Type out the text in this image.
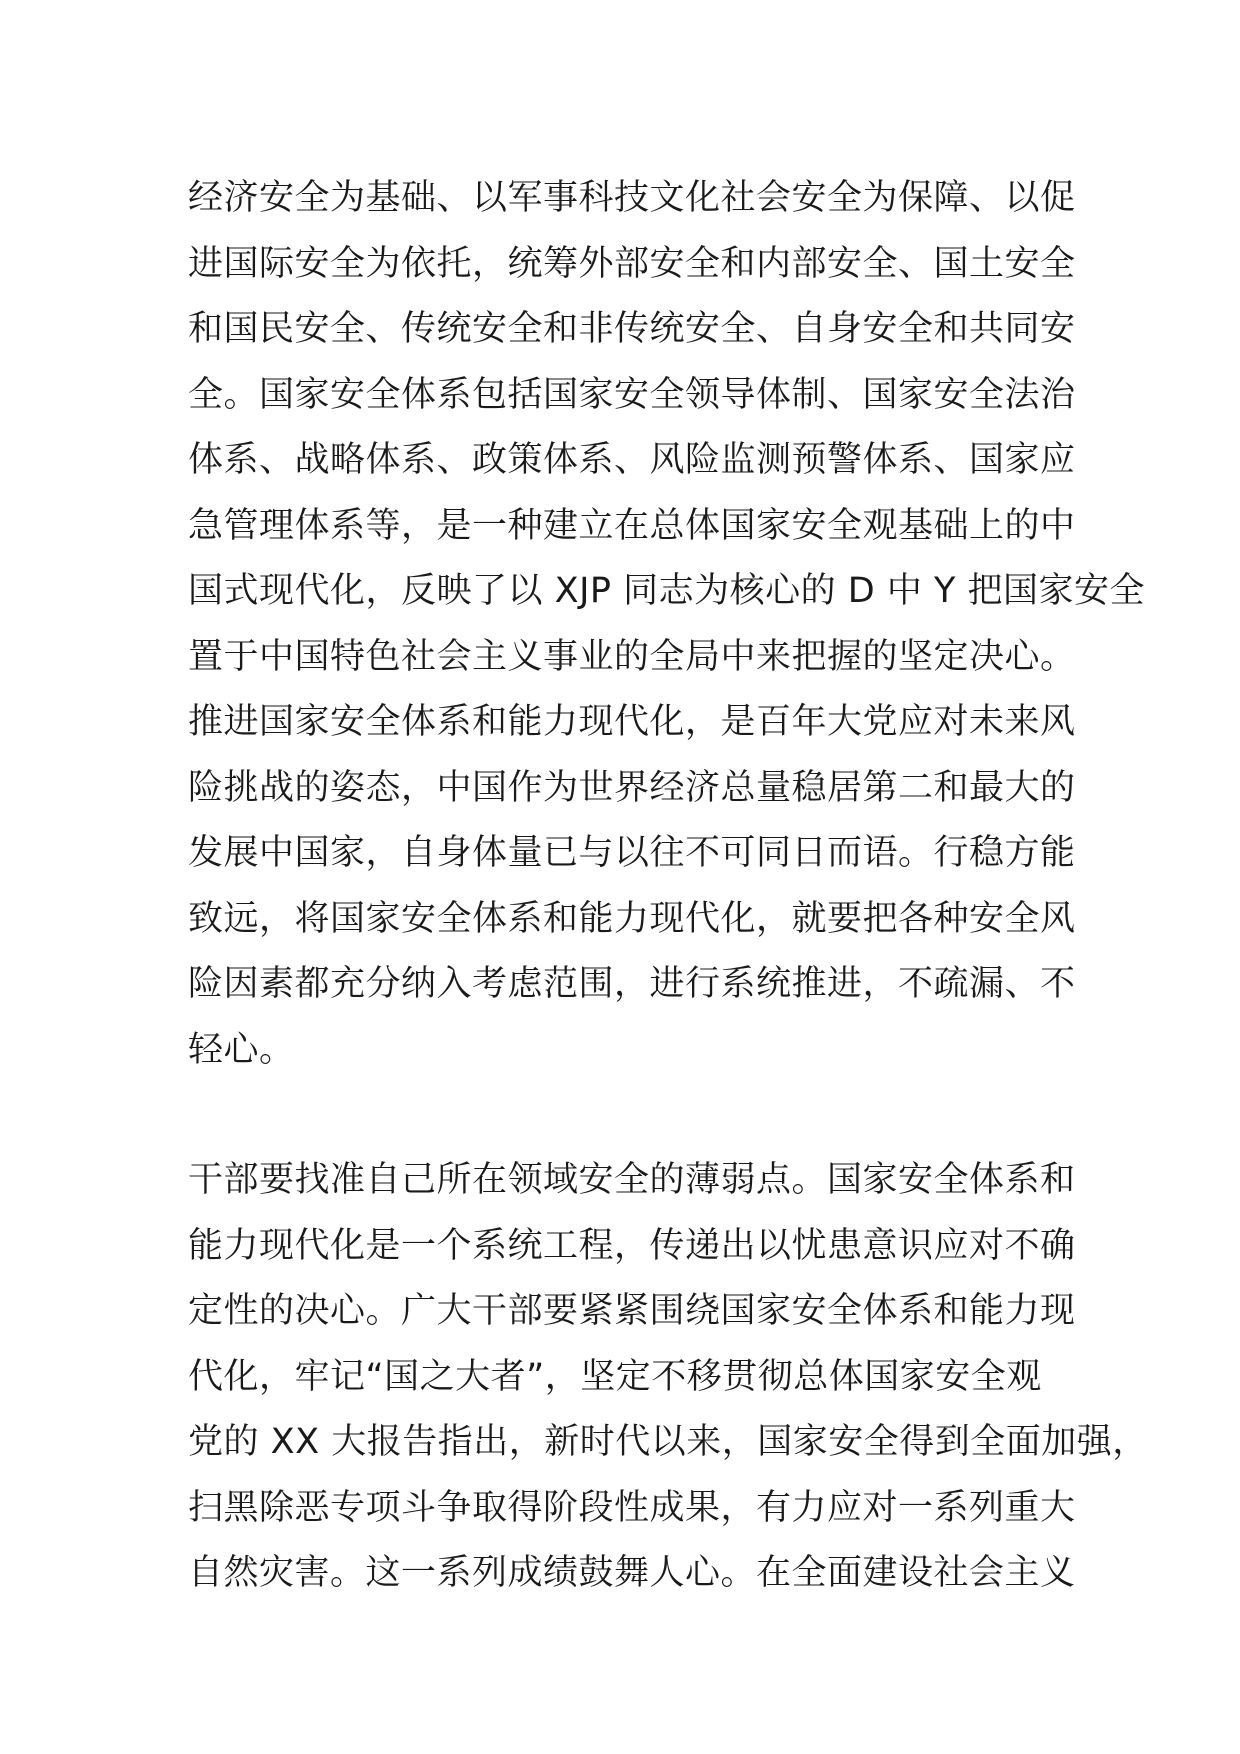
经济安全为基础、以军事科技文化社会安全为保障、以促
进国际安全为依托，统筹外部安全和内部安全、国土安全
和国民安全、传统安全和非传统安全、自身安全和共同安
全。国家安全体系包括国家安全领导体制、国家安全法治
体系、战略体系、政策体系、风险监测预警体系、国家应
急管理体系等，是一种建立在总体国家安全观基础上的中
国式现代化，反映了以 XJP 同志为核心的 D 中 Y 把国家安全
置于中国特色社会主义事业的全局中来把握的坚定决心。
推进国家安全体系和能力现代化，是百年大党应对未来风
险挑战的姿态，中国作为世界经济总量稳居第二和最大的
发展中国家，自身体量已与以往不可同日而语。行稳方能
致远，将国家安全体系和能力现代化，就要把各种安全风
险因素都充分纳入考虑范围，进行系统推进，不疏漏、不
轻心。
干部要找准自己所在领域安全的薄弱点。国家安全体系和
能力现代化是一个系统工程，传递出以忧患意识应对不确
定性的决心。广大干部要紧紧围绕国家安全体系和能力现
代化，牢记“国之大者”，坚定不移贯彻总体国家安全观
党的 XX 大报告指出，新时代以来，国家安全得到全面加强，
扫黑除恶专项斗争取得阶段性成果，有力应对一系列重大
自然灾害。这一系列成绩鼓舞人心。在全面建设社会主义
